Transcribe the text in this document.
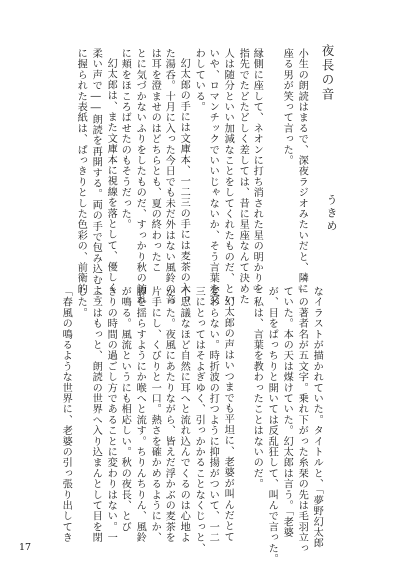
夜長の音
うきめ
小生の朗読はまるで、深夜ラジオみたいだと、隣に
座る男が笑って言った。
縁側に座して、ネオンに打ち消された星の明かりを
指先でたどたどしく差しては、昔に星座なんて決めた
人は随分といい加減なことをしてくれたものだ、とい
いや、ロマンチックでいいじゃないか、そう言葉を交
わしている。
幻太郎の手には文庫本、一二三の手には麦茶の入っ
た湯呑。十月に入った今日でも未だ外はない風鈴の音
は耳を澄ませのはどちらとも、夏の終わったこ
とに気づかないふりをしたものだ、すっかり秋の訪れ
に頬をほころばせたのもそうだった。
幻太郎は、また文庫本に視線を落として、優しく
柔い声で――朗読を再開する。両の手で包み込むよう
に握られた表紙は、ぱっきりとした色彩の、前衛的
なイラストが描かれていた。タイトルと、「夢野幻太郎
」の著者名が五文字。乗れ下がった糸栞の先は毛羽立っ
ていた。本の天は煤けていた。幻太郎は言う。「老婆
が、目をぱっちりと開いては反乱狂して、叫んで言った。
」私は、言葉を教わったことはないのだ。
幻太郎の声はいつまでも平坦に、老婆が叫んだとて
変わらない。時折波の打つように抑揚がついて、一二
三にとってはそよぎゆく、引っかかることなくじっと、
不思議なほど自然に耳へと流れ込んでくるのは心地よ
かった。夜風にあたりながら、皆えだ浮かぶの麦茶を
片手にし、くびりと一口。熱さを確かめるようにか、
脚を揺らすようにか喉へと流す。ちりんちりん、風鈴
が鳴る。風流というにも相応しい。秋の夜長、とび
きりの時間の過ごし方であることに変わりはない。一
二三はもっと、朗読の世界へ入り込まんとして目を閉
じた。
「春風の鳴るような世界に、老婆の引っ張り出してき
17
